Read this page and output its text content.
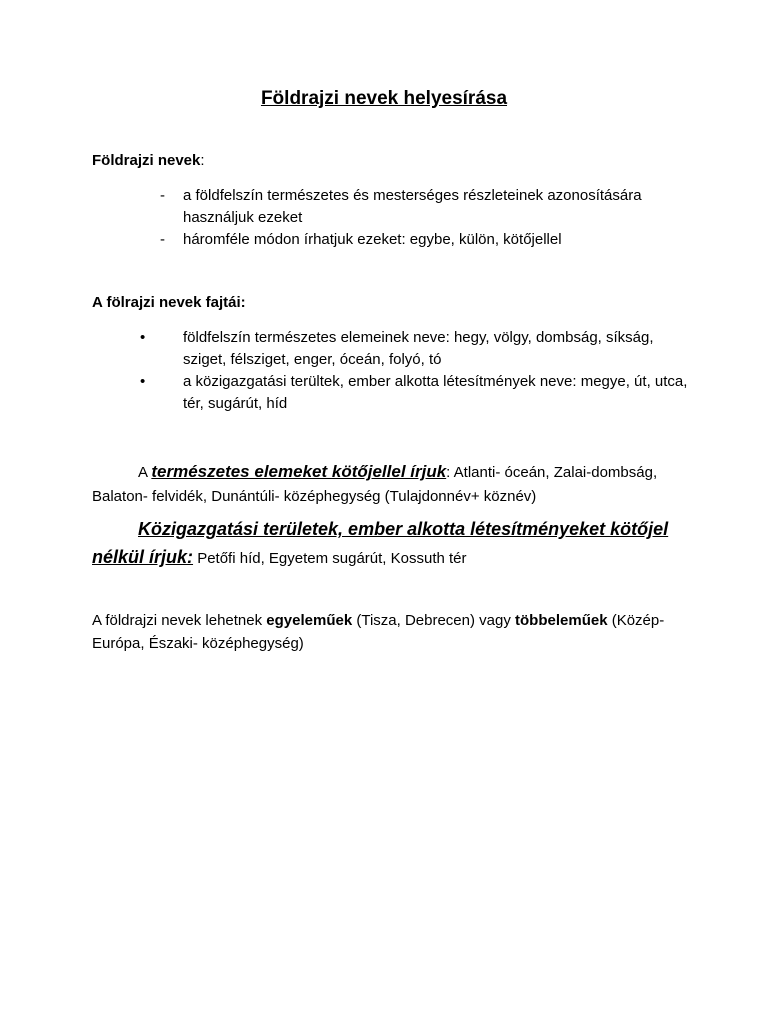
Földrajzi nevek helyesírása
Földrajzi nevek:
- a földfelszín természetes és mesterséges részleteinek azonosítására használjuk ezeket
- háromféle módon írhatjuk ezeket: egybe, külön, kötőjellel
A fölrajzi nevek fajtái:
•	földfelszín természetes elemeinek neve: hegy, völgy, dombság, síkság, sziget, félsziget, enger, óceán, folyó, tó
•	a közigazgatási terültek, ember alkotta létesítmények neve: megye, út, utca, tér, sugárút, híd
A természetes elemeket kötőjellel írjuk: Atlanti- óceán, Zalai-dombság, Balaton- felvidék, Dunántúli- középhegység (Tulajdonnév+ köznév)
Közigazgatási területek, ember alkotta létesítményeket kötőjel nélkül írjuk: Petőfi híd, Egyetem sugárút, Kossuth tér
A földrajzi nevek lehetnek egyeleműek (Tisza, Debrecen) vagy többeleműek (Közép- Európa, Északi- középhegység)
